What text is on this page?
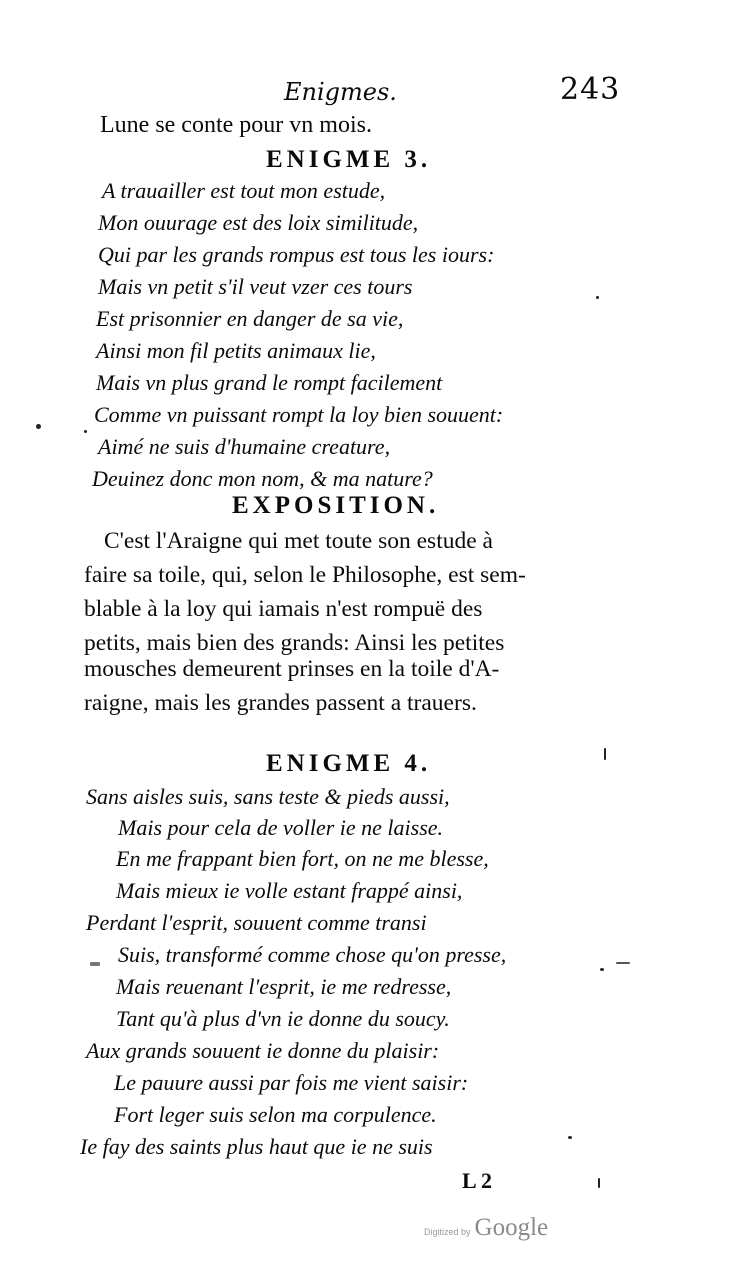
Enigmes.	243
Lune se conte pour vn mois.
ENIGME 3.
A trauailler est tout mon estude,
Mon ouurage est des loix similitude,
Qui par les grands rompus est tous les iours:
Mais vn petit s'il veut vzer ces tours
Est prisonnier en danger de sa vie,
Ainsi mon fil petits animaux lie,
Mais vn plus grand le rompt facilement
Comme vn puissant rompt la loy bien souuent:
Aimé ne suis d'humaine creature,
Deuinez donc mon nom, & ma nature?
EXPOSITION.
C'est l'Araigne qui met toute son estude à
faire sa toile, qui, selon le Philosophe, est sem-
blable à la loy qui iamais n'est rompuë des
petits, mais bien des grands: Ainsi les petites
mousches demeurent prinses en la toile d'A-
raigne, mais les grandes passent a trauers.
ENIGME 4.
Sans aisles suis, sans teste & pieds aussi,
Mais pour cela de voller ie ne laisse.
En me frappant bien fort, on ne me blesse,
Mais mieux ie volle estant frappé ainsi,
Perdant l'esprit, souuent comme transi
Suis, transformé comme chose qu'on presse,
Mais reuenant l'esprit, ie me redresse,
Tant qu'à plus d'vn ie donne du soucy.
Aux grands souuent ie donne du plaisir:
Le pauure aussi par fois me vient saisir:
Fort leger suis selon ma corpulence.
Ie fay des saints plus haut que ie ne suis
L 2
Digitized by Google
